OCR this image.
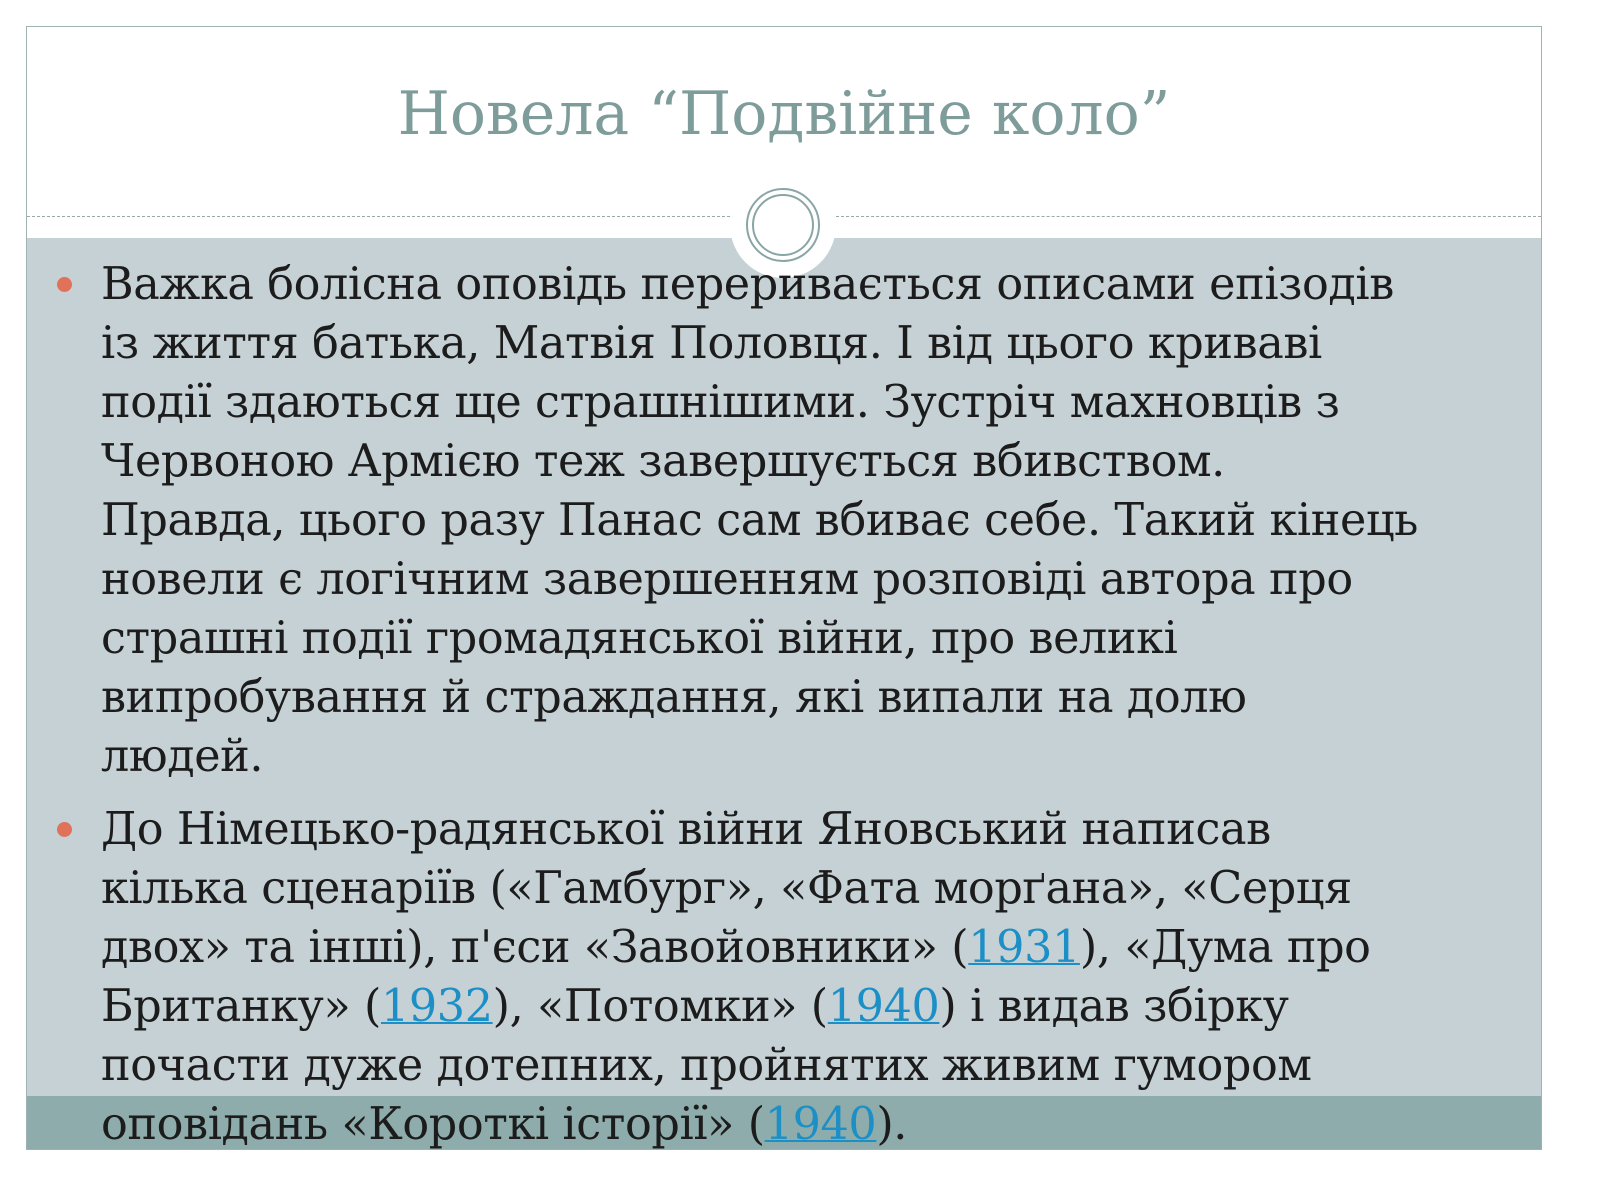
Новела “Подвійне коло”
Важка болісна оповідь переривається описами епізодів
із життя батька, Матвія Половця. І від цього криваві
події здаються ще страшнішими. Зустріч махновців з
Червоною Армією теж завершується вбивством.
Правда, цього разу Панас сам вбиває себе. Такий кінець
новели є логічним завершенням розповіді автора про
страшні події громадянської війни, про великі
випробування й страждання, які випали на долю
людей.
До Німецько-радянської війни Яновський написав
кілька сценаріїв («Гамбург», «Фата морґана», «Серця
двох» та інші), п'єси «Завойовники» (1931), «Дума про
Британку» (1932), «Потомки» (1940) і видав збірку
почасти дуже дотепних, пройнятих живим гумором
оповідань «Короткі історії» (1940).
